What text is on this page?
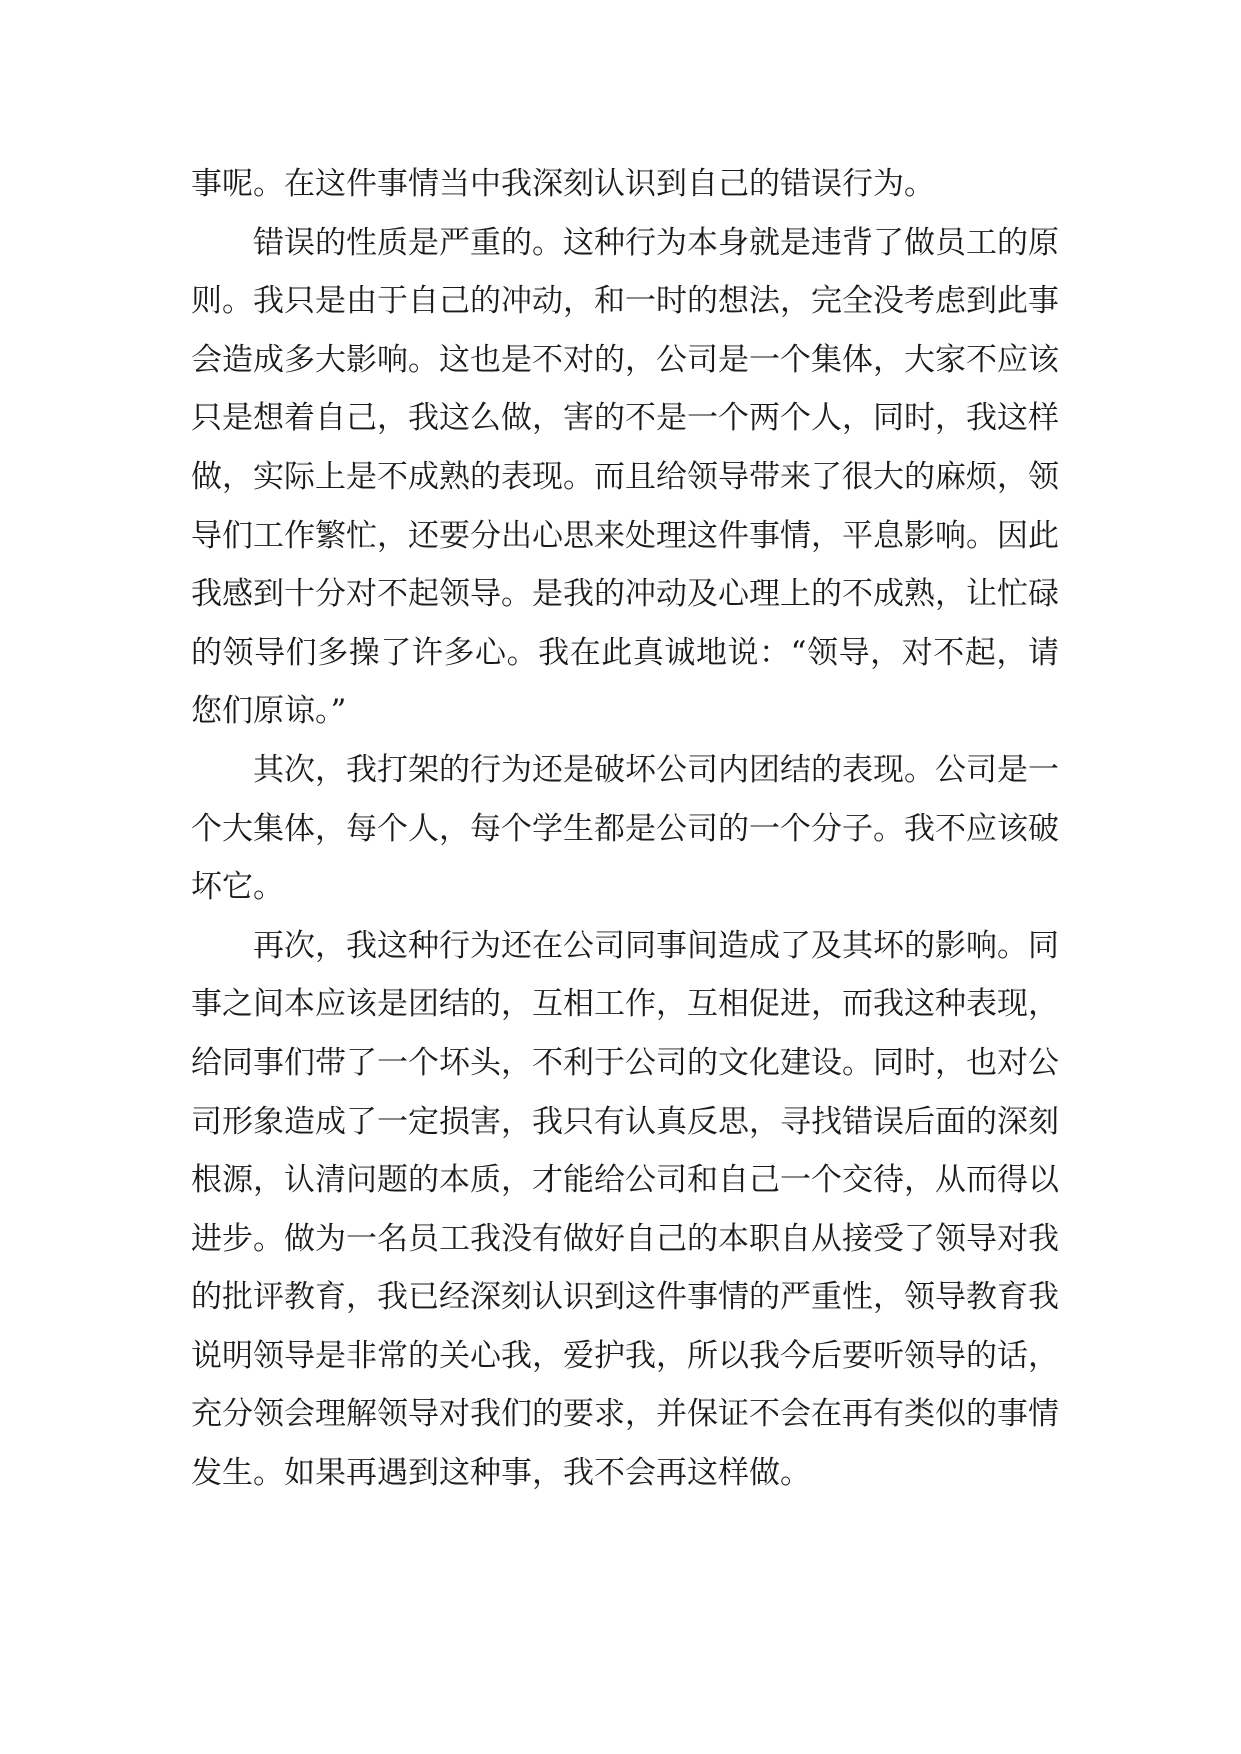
事呢。在这件事情当中我深刻认识到自己的错误行为。

错误的性质是严重的。这种行为本身就是违背了做员工的原则。我只是由于自己的冲动，和一时的想法，完全没考虑到此事会造成多大影响。这也是不对的，公司是一个集体，大家不应该只是想着自己，我这么做，害的不是一个两个人，同时，我这样做，实际上是不成熟的表现。而且给领导带来了很大的麻烦，领导们工作繁忙，还要分出心思来处理这件事情，平息影响。因此我感到十分对不起领导。是我的冲动及心理上的不成熟，让忙碌的领导们多操了许多心。我在此真诚地说：“领导，对不起，请您们原谅。”

其次，我打架的行为还是破坏公司内团结的表现。公司是一个大集体，每个人，每个学生都是公司的一个分子。我不应该破坏它。

再次，我这种行为还在公司同事间造成了及其坏的影响。同事之间本应该是团结的，互相工作，互相促进，而我这种表现，给同事们带了一个坏头，不利于公司的文化建设。同时，也对公司形象造成了一定损害，我只有认真反思，寻找错误后面的深刻根源，认清问题的本质，才能给公司和自己一个交待，从而得以进步。做为一名员工我没有做好自己的本职自从接受了领导对我的批评教育，我已经深刻认识到这件事情的严重性，领导教育我说明领导是非常的关心我，爱护我，所以我今后要听领导的话，充分领会理解领导对我们的要求，并保证不会在再有类似的事情发生。如果再遇到这种事，我不会再这样做。
